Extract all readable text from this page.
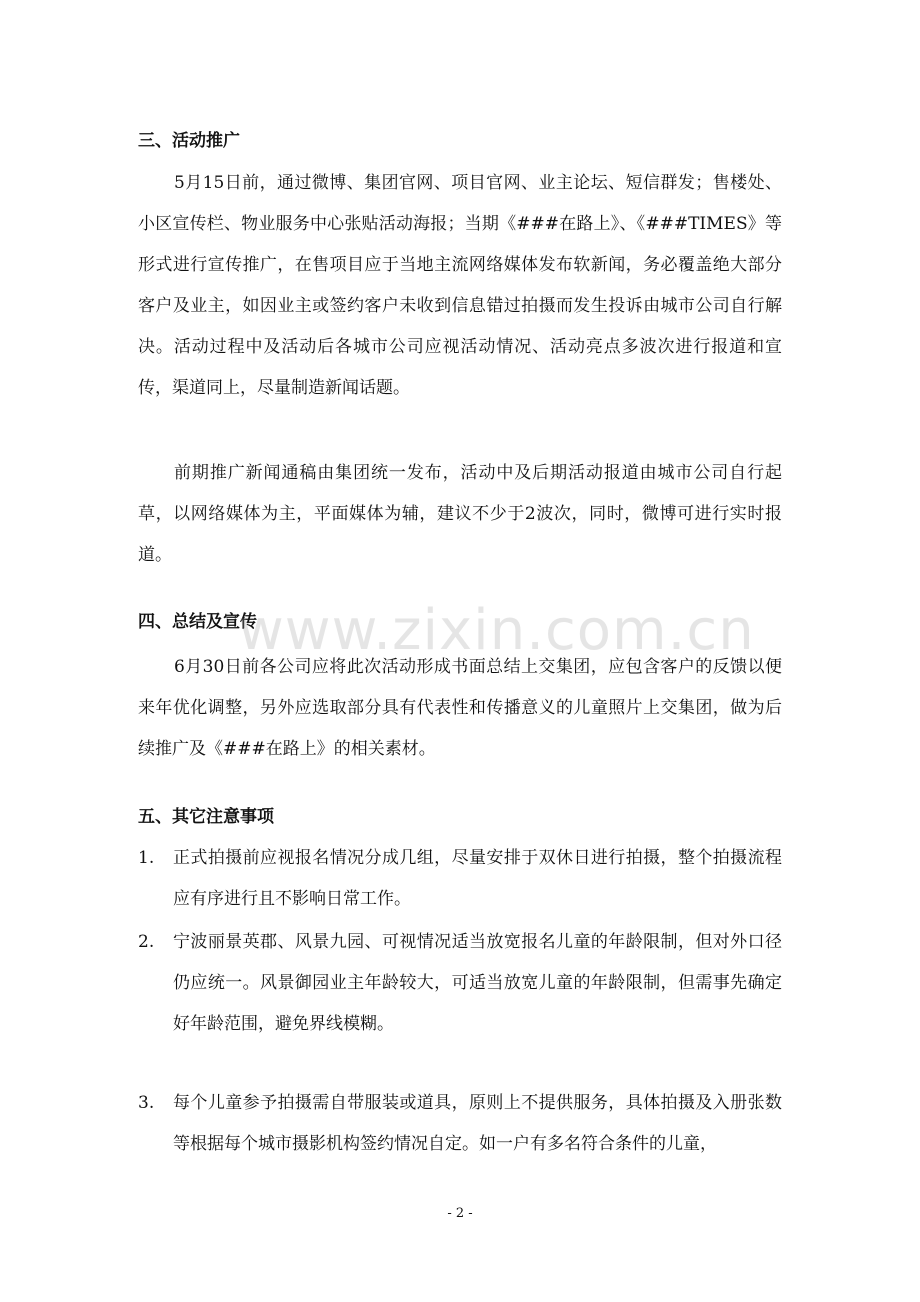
三、活动推广

5月15日前，通过微博、集团官网、项目官网、业主论坛、短信群发；售楼处、小区宣传栏、物业服务中心张贴活动海报；当期《###在路上》、《###TIMES》等形式进行宣传推广，在售项目应于当地主流网络媒体发布软新闻，务必覆盖绝大部分客户及业主，如因业主或签约客户未收到信息错过拍摄而发生投诉由城市公司自行解决。活动过程中及活动后各城市公司应视活动情况、活动亮点多波次进行报道和宣传，渠道同上，尽量制造新闻话题。

前期推广新闻通稿由集团统一发布，活动中及后期活动报道由城市公司自行起草，以网络媒体为主，平面媒体为辅，建议不少于2波次，同时，微博可进行实时报道。

四、总结及宣传

6月30日前各公司应将此次活动形成书面总结上交集团，应包含客户的反馈以便来年优化调整，另外应选取部分具有代表性和传播意义的儿童照片上交集团，做为后续推广及《###在路上》的相关素材。

五、其它注意事项
1.	正式拍摄前应视报名情况分成几组，尽量安排于双休日进行拍摄，整个拍摄流程应有序进行且不影响日常工作。
2.	宁波丽景英郡、风景九园、可视情况适当放宽报名儿童的年龄限制，但对外口径仍应统一。风景御园业主年龄较大，可适当放宽儿童的年龄限制，但需事先确定好年龄范围，避免界线模糊。
3.	每个儿童参予拍摄需自带服装或道具，原则上不提供服务，具体拍摄及入册张数等根据每个城市摄影机构签约情况自定。如一户有多名符合条件的儿童，
www.zixin.com.cn
- 2 -
